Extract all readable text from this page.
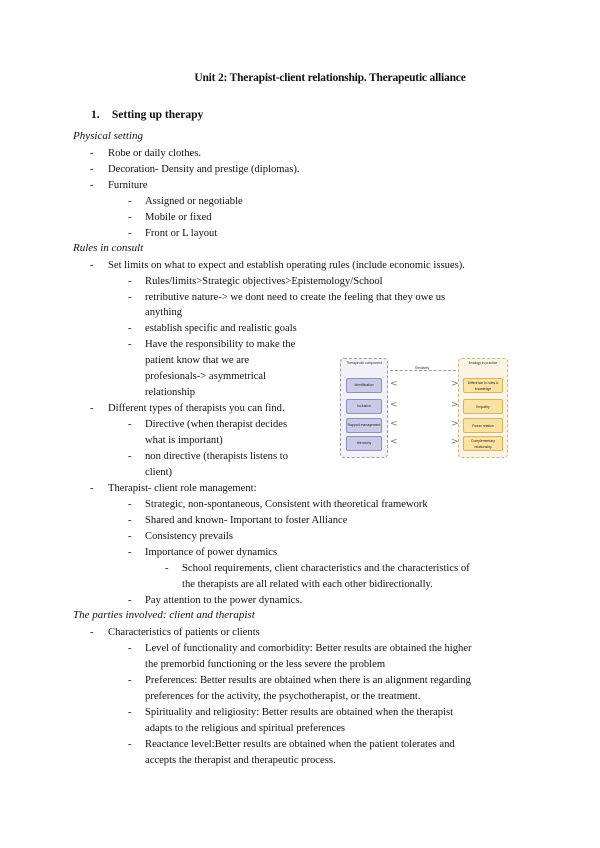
Unit 2: Therapist-client relationship. Therapeutic alliance
1. Setting up therapy
Physical setting
- Robe or daily clothes.
- Decoration- Density and prestige (diplomas).
- Furniture
- Assigned or negotiable
- Mobile or fixed
- Front or L layout
Rules in consult
- Set limits on what to expect and establish operating rules (include economic issues).
- Rules/limits>Strategic objectives>Epistemology/School
- retributive nature-> we dont need to create the feeling that they owe us
anything
- establish specific and realistic goals
- Have the responsibility to make the
patient know that we are
profesionals-> asymmetrical
relationship
- Different types of therapists you can find.
- Directive (when therapist decides
what is important)
- non directive (therapists listens to
client)
- Therapist- client role management:
- Strategic, non-spontaneous, Consistent with theoretical framework
- Shared and known- Important to foster Alliance
- Consistency prevails
- Importance of power dynamics
- School requirements, client characteristics and the characteristics of
the therapists are all related with each other bidirectionally.
- Pay attention to the power dynamics.
The parties involved: client and therapist
- Characteristics of patients or clients
- Level of functionality and comorbidity: Better results are obtained the higher
the premorbid functioning or the less severe the problem
- Preferences: Better results are obtained when there is an alignment regarding
preferences for the activity, the psychotherapist, or the treatment.
- Spirituality and religiosity: Better results are obtained when the therapist
adapts to the religious and spiritual preferences
- Reactance level:Better results are obtained when the patient tolerates and
accepts the therapist and therapeutic process.
Therapeutic component	Analogy in practice
Similarity
Identification
Inclusion
Rapport management
Hierarchy
<
<
<
<
>
>
>
>
Difference in roles & knowledge
Empathy
Power relation
Complementary relationship
